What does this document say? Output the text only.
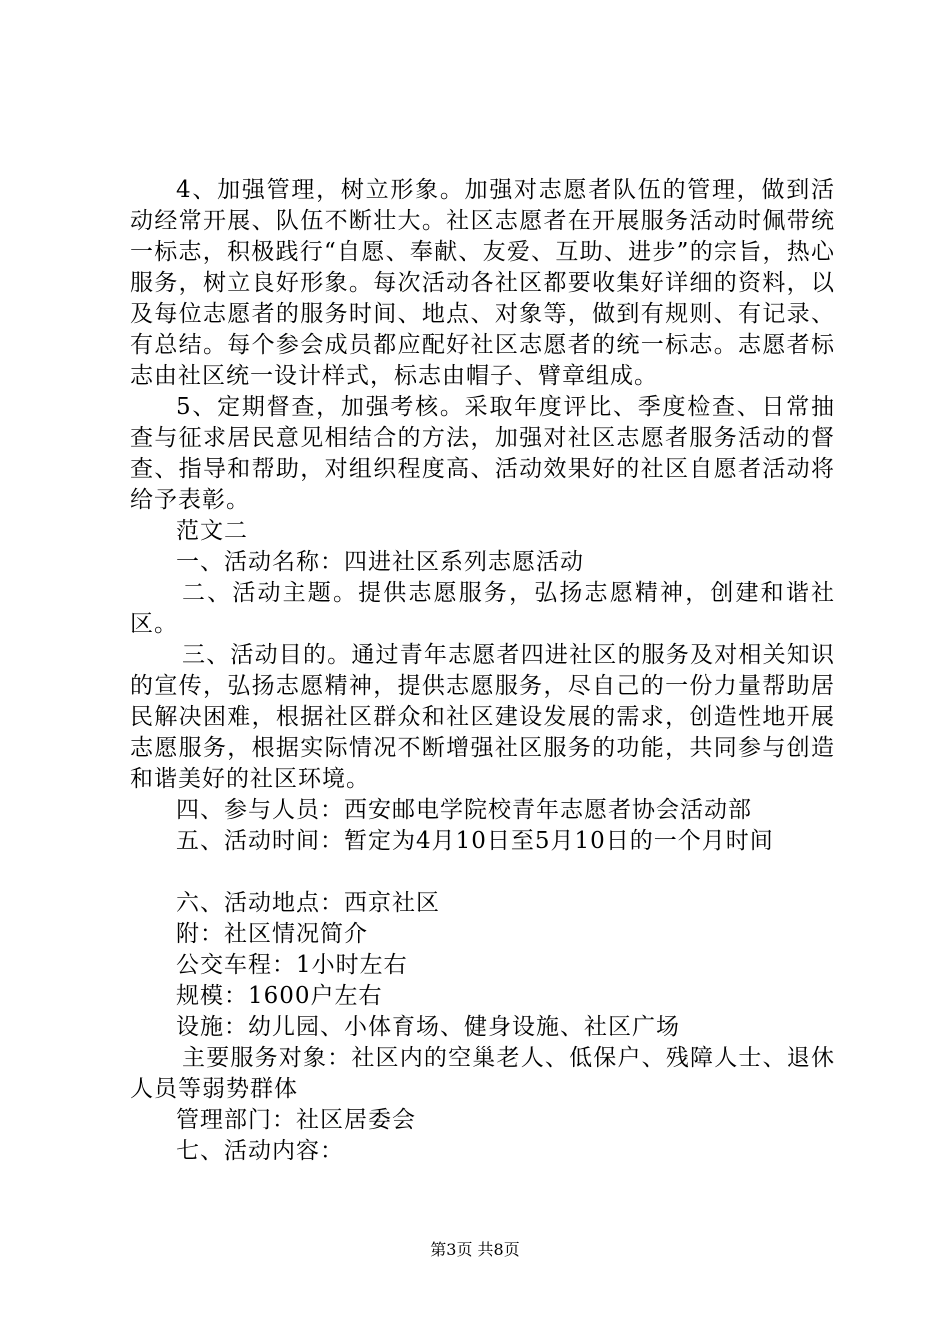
4、加强管理，树立形象。加强对志愿者队伍的管理，做到活动经常开展、队伍不断壮大。社区志愿者在开展服务活动时佩带统一标志，积极践行“自愿、奉献、友爱、互助、进步”的宗旨，热心服务，树立良好形象。每次活动各社区都要收集好详细的资料，以及每位志愿者的服务时间、地点、对象等，做到有规则、有记录、有总结。每个参会成员都应配好社区志愿者的统一标志。志愿者标志由社区统一设计样式，标志由帽子、臂章组成。

5、定期督查，加强考核。采取年度评比、季度检查、日常抽查与征求居民意见相结合的方法，加强对社区志愿者服务活动的督查、指导和帮助，对组织程度高、活动效果好的社区自愿者活动将给予表彰。

范文二

一、活动名称：四进社区系列志愿活动

二、活动主题。提供志愿服务，弘扬志愿精神，创建和谐社区。

三、活动目的。通过青年志愿者四进社区的服务及对相关知识的宣传，弘扬志愿精神，提供志愿服务，尽自己的一份力量帮助居民解决困难，根据社区群众和社区建设发展的需求，创造性地开展志愿服务，根据实际情况不断增强社区服务的功能，共同参与创造和谐美好的社区环境。

四、参与人员：西安邮电学院校青年志愿者协会活动部

五、活动时间：暂定为4月10日至5月10日的一个月时间

六、活动地点：西京社区

附：社区情况简介

公交车程：1小时左右

规模：1600户左右

设施：幼儿园、小体育场、健身设施、社区广场

主要服务对象：社区内的空巢老人、低保户、残障人士、退休人员等弱势群体

管理部门：社区居委会

七、活动内容：

第3页 共8页
